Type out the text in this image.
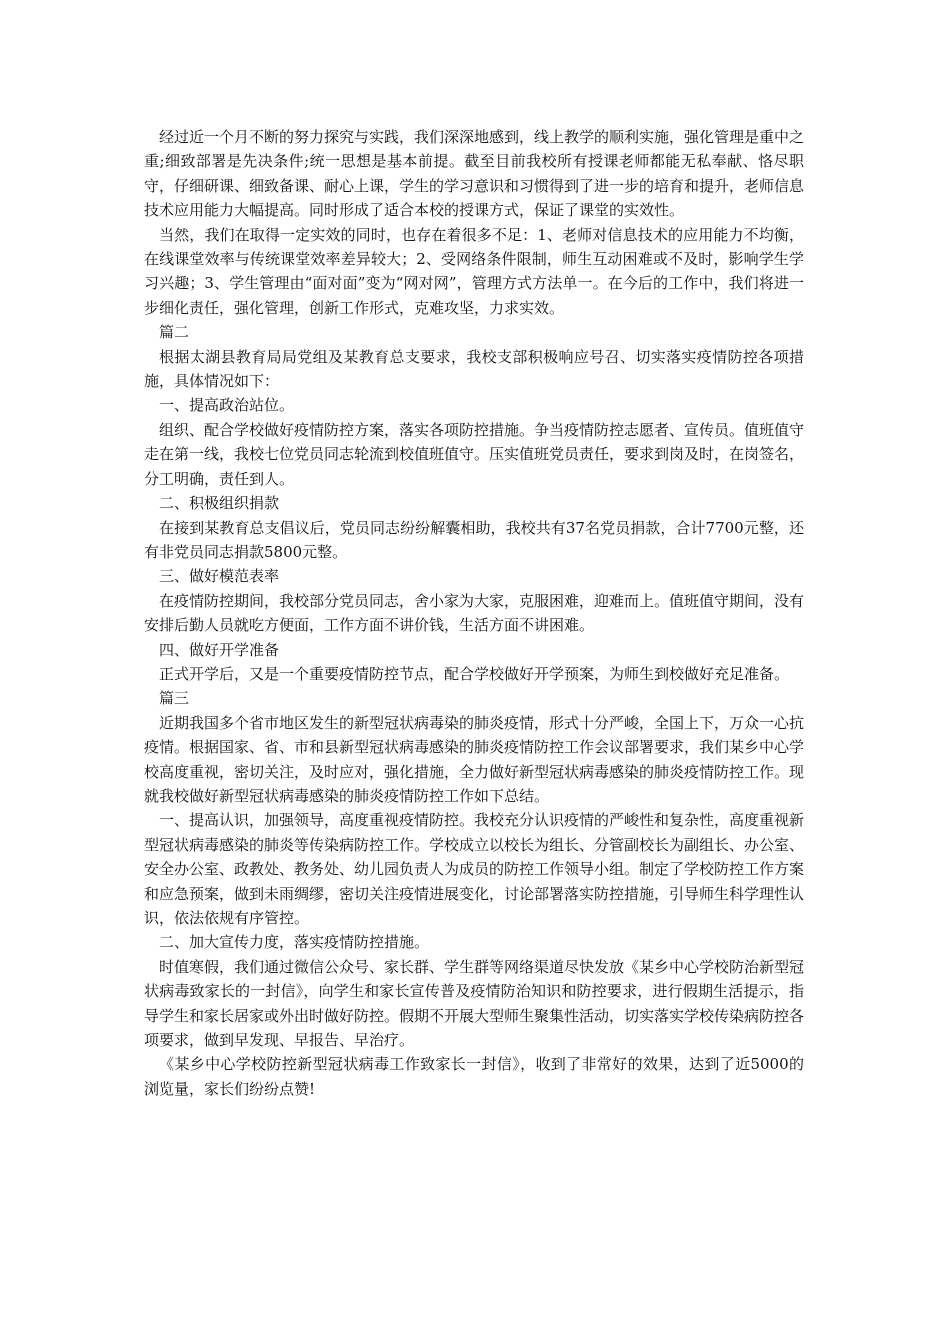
经过近一个月不断的努力探究与实践，我们深深地感到，线上教学的顺利实施，强化管理是重中之重;细致部署是先决条件;统一思想是基本前提。截至目前我校所有授课老师都能无私奉献、恪尽职守，仔细研课、细致备课、耐心上课，学生的学习意识和习惯得到了进一步的培育和提升，老师信息技术应用能力大幅提高。同时形成了适合本校的授课方式，保证了课堂的实效性。

当然，我们在取得一定实效的同时，也存在着很多不足：1、老师对信息技术的应用能力不均衡，在线课堂效率与传统课堂效率差异较大；2、受网络条件限制，师生互动困难或不及时，影响学生学习兴趣；3、学生管理由“面对面”变为“网对网”，管理方式方法单一。在今后的工作中，我们将进一步细化责任，强化管理，创新工作形式，克难攻坚，力求实效。

篇二

根据太湖县教育局局党组及某教育总支要求，我校支部积极响应号召、切实落实疫情防控各项措施，具体情况如下：

一、提高政治站位。

组织、配合学校做好疫情防控方案，落实各项防控措施。争当疫情防控志愿者、宣传员。值班值守走在第一线，我校七位党员同志轮流到校值班值守。压实值班党员责任，要求到岗及时，在岗签名，分工明确，责任到人。

二、积极组织捐款

在接到某教育总支倡议后，党员同志纷纷解囊相助，我校共有37名党员捐款，合计7700元整，还有非党员同志捐款5800元整。

三、做好模范表率

在疫情防控期间，我校部分党员同志，舍小家为大家，克服困难，迎难而上。值班值守期间，没有安排后勤人员就吃方便面，工作方面不讲价钱，生活方面不讲困难。

四、做好开学准备

正式开学后，又是一个重要疫情防控节点，配合学校做好开学预案，为师生到校做好充足准备。

篇三

近期我国多个省市地区发生的新型冠状病毒染的肺炎疫情，形式十分严峻，全国上下，万众一心抗疫情。根据国家、省、市和县新型冠状病毒感染的肺炎疫情防控工作会议部署要求，我们某乡中心学校高度重视，密切关注，及时应对，强化措施，全力做好新型冠状病毒感染的肺炎疫情防控工作。现就我校做好新型冠状病毒感染的肺炎疫情防控工作如下总结。

一、提高认识，加强领导，高度重视疫情防控。我校充分认识疫情的严峻性和复杂性，高度重视新型冠状病毒感染的肺炎等传染病防控工作。学校成立以校长为组长、分管副校长为副组长、办公室、安全办公室、政教处、教务处、幼儿园负责人为成员的防控工作领导小组。制定了学校防控工作方案和应急预案，做到未雨绸缪，密切关注疫情进展变化，讨论部署落实防控措施，引导师生科学理性认识，依法依规有序管控。

二、加大宣传力度，落实疫情防控措施。

时值寒假，我们通过微信公众号、家长群、学生群等网络渠道尽快发放《某乡中心学校防治新型冠状病毒致家长的一封信》，向学生和家长宣传普及疫情防治知识和防控要求，进行假期生活提示，指导学生和家长居家或外出时做好防控。假期不开展大型师生聚集性活动，切实落实学校传染病防控各项要求，做到早发现、早报告、早治疗。

《某乡中心学校防控新型冠状病毒工作致家长一封信》，收到了非常好的效果，达到了近5000的浏览量，家长们纷纷点赞!
